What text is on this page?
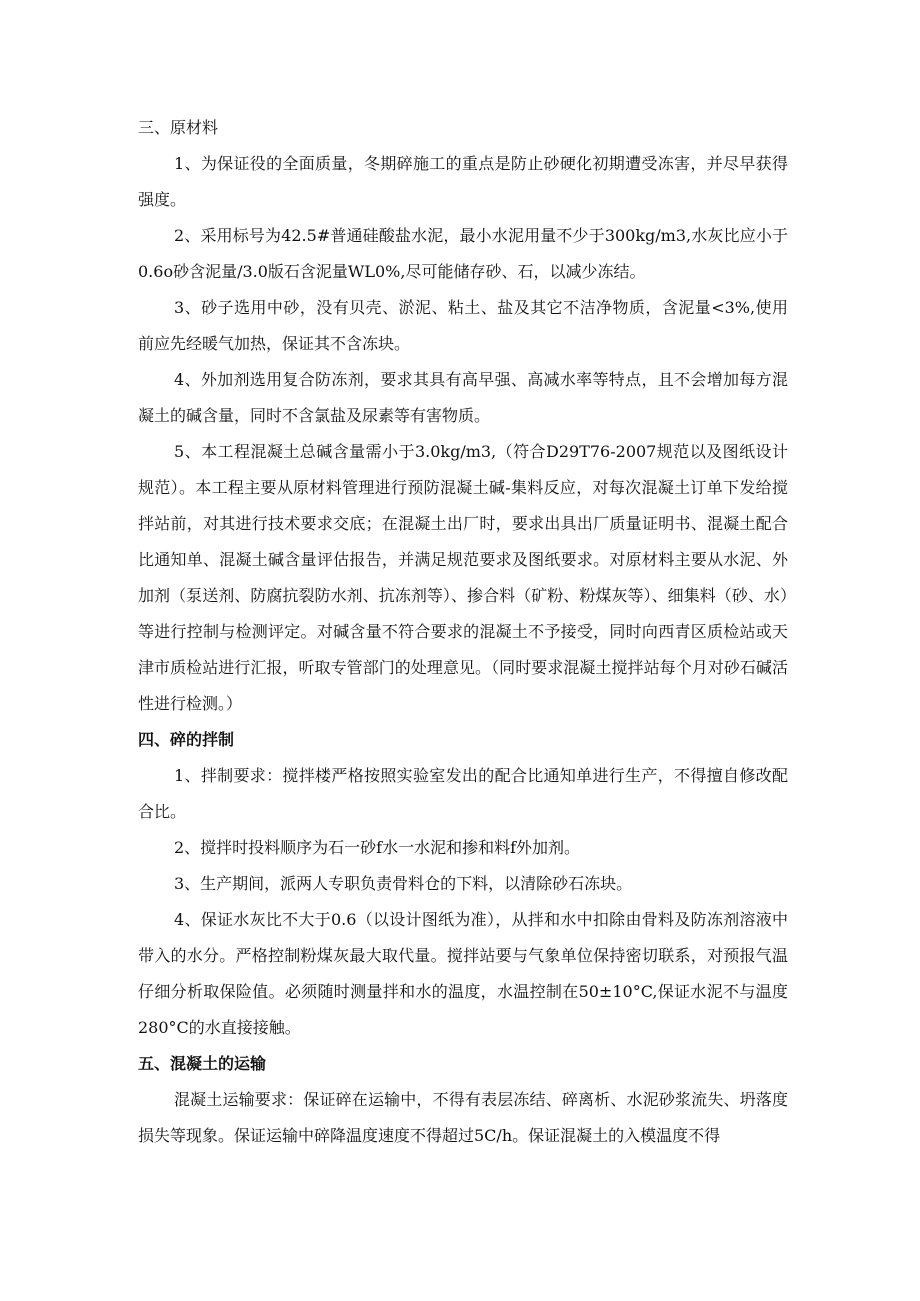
三、原材料
1、为保证役的全面质量，冬期碎施工的重点是防止砂硬化初期遭受冻害，并尽早获得强度。
2、采用标号为42.5#普通硅酸盐水泥，最小水泥用量不少于300kg∕m3,水灰比应小于0.6o砂含泥量/3.0版石含泥量WL0%,尽可能储存砂、石，以减少冻结。
3、砂子选用中砂，没有贝壳、淤泥、粘土、盐及其它不洁净物质，含泥量<3%,使用前应先经暖气加热，保证其不含冻块。
4、外加剂选用复合防冻剂，要求其具有高早强、高减水率等特点，且不会增加每方混凝土的碱含量，同时不含氯盐及尿素等有害物质。
5、本工程混凝土总碱含量需小于3.0kg∕m3,（符合D29T76-2007规范以及图纸设计规范）。本工程主要从原材料管理进行预防混凝土碱-集料反应，对每次混凝土订单下发给搅拌站前，对其进行技术要求交底；在混凝土出厂时，要求出具出厂质量证明书、混凝土配合比通知单、混凝土碱含量评估报告，并满足规范要求及图纸要求。对原材料主要从水泥、外加剂（泵送剂、防腐抗裂防水剂、抗冻剂等）、掺合料（矿粉、粉煤灰等）、细集料（砂、水）等进行控制与检测评定。对碱含量不符合要求的混凝土不予接受，同时向西青区质检站或天津市质检站进行汇报，听取专管部门的处理意见。（同时要求混凝土搅拌站每个月对砂石碱活性进行检测。）
四、碎的拌制
1、拌制要求：搅拌楼严格按照实验室发出的配合比通知单进行生产，不得擅自修改配合比。
2、搅拌时投料顺序为石一砂f水一水泥和掺和料f外加剂。
3、生产期间，派两人专职负责骨料仓的下料，以清除砂石冻块。
4、保证水灰比不大于0.6（以设计图纸为准），从拌和水中扣除由骨料及防冻剂溶液中带入的水分。严格控制粉煤灰最大取代量。搅拌站要与气象单位保持密切联系，对预报气温仔细分析取保险值。必须随时测量拌和水的温度，水温控制在50±10°C,保证水泥不与温度280°C的水直接接触。
五、混凝土的运输
混凝土运输要求：保证碎在运输中，不得有表层冻结、碎离析、水泥砂浆流失、坍落度损失等现象。保证运输中碎降温度速度不得超过5C∕h。保证混凝土的入模温度不得
